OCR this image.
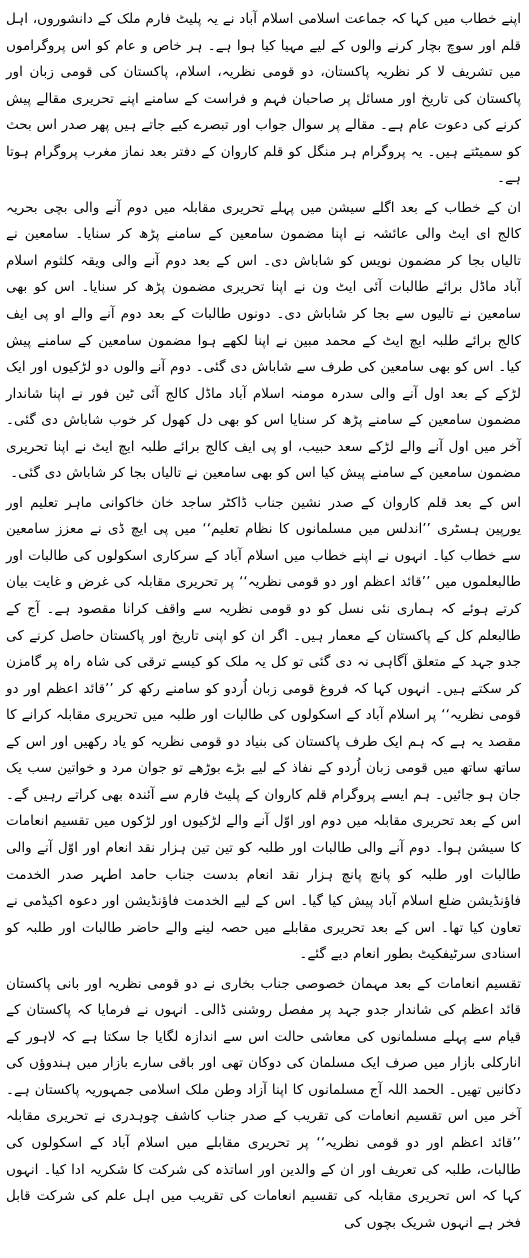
اپنے خطاب میں کہا کہ جماعت اسلامی اسلام آباد نے یہ پلیٹ فارم ملک کے دانشوروں، اہل قلم اور سوچ بچار کرنے والوں کے لیے مہیا کیا ہوا ہے۔ ہر خاص و عام کو اس پروگراموں میں تشریف لا کر نظریہ پاکستان، دو قومی نظریہ، اسلام، پاکستان کی قومی زبان اور پاکستان کی تاریخ اور مسائل پر صاحبان فہم و فراست کے سامنے اپنے تحریری مقالے پیش کرنے کی دعوت عام ہے۔ مقالے پر سوال جواب اور تبصرے کیے جاتے ہیں پھر صدر اس بحث کو سمیٹتے ہیں۔ یہ پروگرام ہر منگل کو قلم کاروان کے دفتر بعد نماز مغرب پروگرام ہوتا ہے۔

ان کے خطاب کے بعد اگلے سیشن میں پہلے تحریری مقابلہ میں دوم آنے والی بچی بحریہ کالج ای ایٹ والی عائشہ نے اپنا مضمون سامعین کے سامنے پڑھ کر سنایا۔ سامعین نے تالیاں بجا کر مضمون نویس کو شاباش دی۔ اس کے بعد دوم آنے والی ویقہ کلثوم اسلام آباد ماڈل برائے طالبات آئی ایٹ ون نے اپنا تحریری مضمون پڑھ کر سنایا۔ اس کو بھی سامعین نے تالیوں سے بجا کر شاباش دی۔ دونوں طالبات کے بعد دوم آنے والے او پی ایف کالج برائے طلبہ ایچ ایٹ کے محمد مبین نے اپنا لکھے ہوا مضمون سامعین کے سامنے پیش کیا۔ اس کو بھی سامعین کی طرف سے شاباش دی گئی۔ دوم آنے والوں دو لڑکیوں اور ایک لڑکے کے بعد اول آنے والی سدرہ مومنہ اسلام آباد ماڈل کالج آئی ٹین فور نے اپنا شاندار مضمون سامعین کے سامنے پڑھ کر سنایا اس کو بھی دل کھول کر خوب شاباش دی گئی۔ آخر میں اول آنے والے لڑکے سعد حبیب، او پی ایف کالج برائے طلبہ ایچ ایٹ نے اپنا تحریری مضمون سامعین کے سامنے پیش کیا اس کو بھی سامعین نے تالیاں بجا کر شاباش دی گئی۔

اس کے بعد قلم کاروان کے صدر نشین جناب ڈاکٹر ساجد خان خاکوانی ماہر تعلیم اور یورپین ہسٹری ’’اندلس میں مسلمانوں کا نظام تعلیم‘‘ میں پی ایچ ڈی نے معزز سامعین سے خطاب کیا۔ انہوں نے اپنے خطاب میں اسلام آباد کے سرکاری اسکولوں کی طالبات اور طالبعلموں میں ’’قائد اعظم اور دو قومی نظریہ‘‘ پر تحریری مقابلہ کی غرض و غایت بیان کرتے ہوئے کہ ہماری نئی نسل کو دو قومی نظریہ سے واقف کرانا مقصود ہے۔ آج کے طالبعلم کل کے پاکستان کے معمار ہیں۔ اگر ان کو اپنی تاریخ اور پاکستان حاصل کرنے کی جدو جہد کے متعلق آگاہی نہ دی گئی تو کل یہ ملک کو کیسے ترقی کی شاہ راہ پر گامزن کر سکتے ہیں۔ انہوں کہا کہ فروغ قومی زبان اُردو کو سامنے رکھ کر ’’قائد اعظم اور دو قومی نظریہ‘‘ پر اسلام آباد کے اسکولوں کی طالبات اور طلبہ میں تحریری مقابلہ کرانے کا مقصد یہ ہے کہ ہم ایک طرف پاکستان کی بنیاد دو قومی نظریہ کو یاد رکھیں اور اس کے ساتھ ساتھ میں قومی زبان اُردو کے نفاذ کے لیے بڑے بوڑھے تو جوان مرد و خواتین سب یک جان ہو جائیں۔ ہم ایسے پروگرام قلم کاروان کے پلیٹ فارم سے آئندہ بھی کراتے رہیں گے۔ اس کے بعد تحریری مقابلہ میں دوم اور اوّل آنے والے لڑکیوں اور لڑکوں میں تقسیم انعامات کا سیشن ہوا۔ دوم آنے والی طالبات اور طلبہ کو تین تین ہزار نقد انعام اور اوّل آنے والی طالبات اور طلبہ کو پانچ پانچ ہزار نقد انعام بدست جناب حامد اطہر صدر الخدمت فاؤنڈیشن ضلع اسلام آباد پیش کیا گیا۔ اس کے لیے الخدمت فاؤنڈیشن اور دعوہ اکیڈمی نے تعاون کیا تھا۔ اس کے بعد تحریری مقابلے میں حصہ لینے والے حاضر طالبات اور طلبہ کو اسنادی سرٹیفکیٹ بطور انعام دیے گئے۔

تقسیم انعامات کے بعد مہمان خصوصی جناب بخاری نے دو قومی نظریہ اور بانی پاکستان قائد اعظم کی شاندار جدو جہد پر مفصل روشنی ڈالی۔ انہوں نے فرمایا کہ پاکستان کے قیام سے پہلے مسلمانوں کی معاشی حالت اس سے اندازہ لگایا جا سکتا ہے کہ لاہور کے انارکلی بازار میں صرف ایک مسلمان کی دوکان تھی اور باقی سارے بازار میں ہندوؤں کی دکانیں تھیں۔ الحمد اللہ آج مسلمانوں کا اپنا آزاد وطن ملک اسلامی جمہوریہ پاکستان ہے۔ آخر میں اس تقسیم انعامات کی تقریب کے صدر جناب کاشف چوہدری نے تحریری مقابلہ ’’قائد اعظم اور دو قومی نظریہ‘‘ پر تحریری مقابلے میں اسلام آباد کے اسکولوں کی طالبات، طلبہ کی تعریف اور ان کے والدین اور اساتذہ کی شرکت کا شکریہ ادا کیا۔ انہوں کہا کہ اس تحریری مقابلہ کی تقسیم انعامات کی تقریب میں اہل علم کی شرکت قابل فخر ہے انہوں شریک بچوں کی
